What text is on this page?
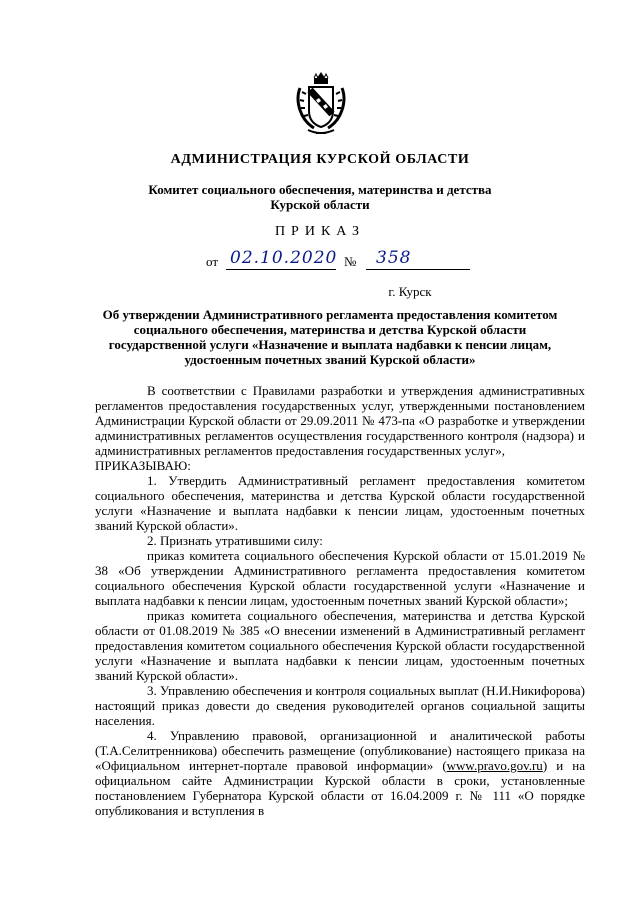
АДМИНИСТРАЦИЯ КУРСКОЙ ОБЛАСТИ
Комитет социального обеспечения, материнства и детства
Курской области
ПРИКАЗ
от 02.10.2020 № 358
г. Курск
Об утверждении Административного регламента предоставления комитетом социального обеспечения, материнства и детства Курской области государственной услуги «Назначение и выплата надбавки к пенсии лицам, удостоенным почетных званий Курской области»

В соответствии с Правилами разработки и утверждения административных регламентов предоставления государственных услуг, утвержденными постановлением Администрации Курской области от 29.09.2011 № 473-па «О разработке и утверждении административных регламентов осуществления государственного контроля (надзора) и административных регламентов предоставления государственных услуг»,

ПРИКАЗЫВАЮ:

1. Утвердить Административный регламент предоставления комитетом социального обеспечения, материнства и детства Курской области государственной услуги «Назначение и выплата надбавки к пенсии лицам, удостоенным почетных званий Курской области».

2. Признать утратившими силу:

приказ комитета социального обеспечения Курской области от 15.01.2019 № 38 «Об утверждении Административного регламента предоставления комитетом социального обеспечения Курской области государственной услуги «Назначение и выплата надбавки к пенсии лицам, удостоенным почетных званий Курской области»;

приказ комитета социального обеспечения, материнства и детства Курской области от 01.08.2019 № 385 «О внесении изменений в Административный регламент предоставления комитетом социального обеспечения Курской области государственной услуги «Назначение и выплата надбавки к пенсии лицам, удостоенным почетных званий Курской области».

3. Управлению обеспечения и контроля социальных выплат (Н.И.Никифорова) настоящий приказ довести до сведения руководителей органов социальной защиты населения.

4. Управлению правовой, организационной и аналитической работы (Т.А.Селитренникова) обеспечить размещение (опубликование) настоящего приказа на «Официальном интернет-портале правовой информации» (www.pravo.gov.ru) и на официальном сайте Администрации Курской области в сроки, установленные постановлением Губернатора Курской области от 16.04.2009 г. № 111 «О порядке опубликования и вступления в
